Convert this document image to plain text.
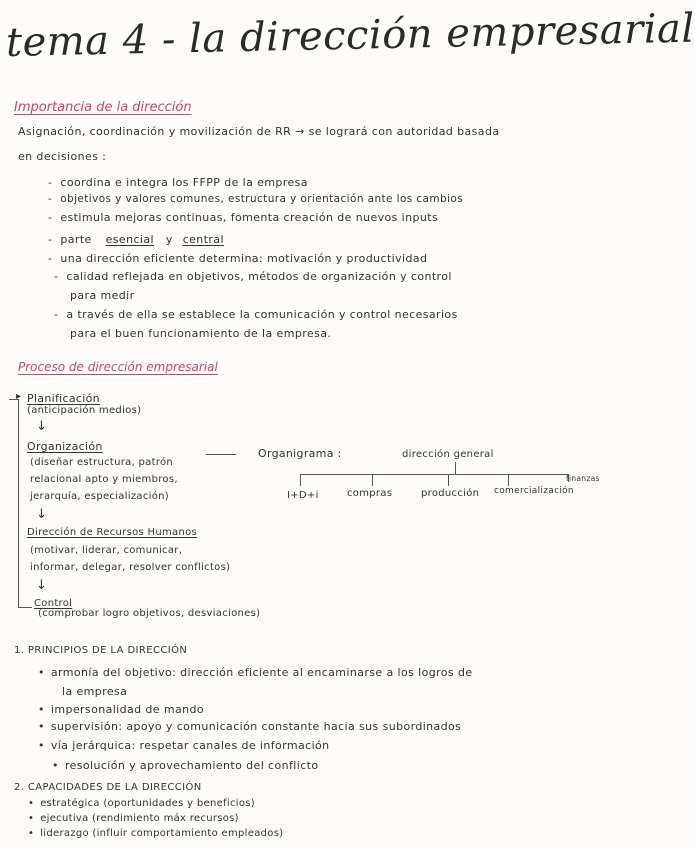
tema 4 - la dirección empresarial
Importancia de la dirección
Asignación, coordinación y movilización de RR → se logrará con autoridad basada
en decisiones :
- coordina e integra los FFPP de la empresa
- objetivos y valores comunes, estructura y orientación ante los cambios
- estimula mejoras continuas, fomenta creación de nuevos inputs
- parte esencial y central
- una dirección eficiente determina: motivación y productividad
- calidad reflejada en objetivos, métodos de organización y control
para medir
- a través de ella se establece la comunicación y control necesarios
para el buen funcionamiento de la empresa.
Proceso de dirección empresarial
▸ Planificación
(anticipación medios)
↓
Organización
(diseñar estructura, patrón
relacional apto y miembros,
jerarquía, especialización)
↓
Dirección de Recursos Humanos
(motivar, liderar, comunicar,
informar, delegar, resolver conflictos)
↓
Control
(comprobar logro objetivos, desviaciones)
Organigrama :	dirección general
I+D+i	compras	producción comercialización
finanzas
1. PRINCIPIOS DE LA DIRECCIÓN
• armonía del objetivo: dirección eficiente al encaminarse a los logros de
la empresa
• impersonalidad de mando
• supervisión: apoyo y comunicación constante hacia sus subordinados
• vía jerárquica: respetar canales de información
• resolución y aprovechamiento del conflicto
2. CAPACIDADES DE LA DIRECCIÓN
• estratégica (oportunidades y beneficios)
• ejecutiva (rendimiento máx recursos)
• liderazgo (influir comportamiento empleados)
